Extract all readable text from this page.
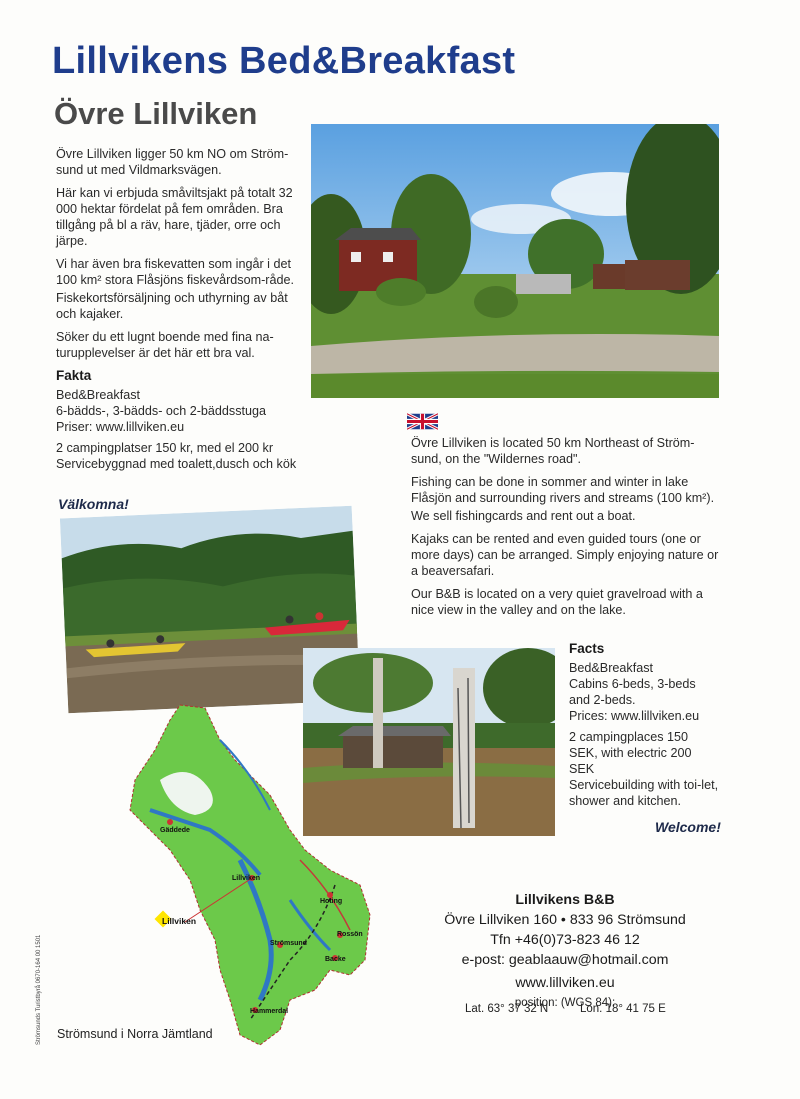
Lillvikens Bed&Breakfast
Övre Lillviken

Övre Lillviken ligger 50 km NO om Ström-sund ut med Vildmarksvägen.

Här kan vi erbjuda småviltsjakt på totalt 32 000 hektar fördelat på fem områden. Bra tillgång på bl a räv, hare, tjäder, orre och järpe.

Vi har även bra fiskevatten som ingår i det 100 km² stora Flåsjöns fiskevårdsom-råde.

Fiskekortsförsäljning och uthyrning av båt och kajaker.

Söker du ett lugnt boende med fina na-turupplevelser är det här ett bra val.

Fakta
Bed&Breakfast
6-bädds-, 3-bädds- och 2-bäddsstuga
Priser: www.lillviken.eu
2 campingplatser 150 kr, med el 200 kr
Servicebyggnad med toalett,dusch och kök
Välkomna!

Övre Lillviken is located 50 km Northeast of Ström-sund, on the "Wildernes road".

Fishing can be done in sommer and winter in lake Flåsjön and surrounding rivers and streams (100 km²).

We sell fishingcards and rent out a boat.

Kajaks can be rented and even guided tours (one or more days) can be arranged. Simply enjoying nature or a beaversafari.

Our B&B is located on a very quiet gravelroad with a nice view in the valley and on the lake.

Facts
Bed&Breakfast
Cabins 6-beds, 3-beds and 2-beds.
Prices: www.lillviken.eu
2 campingplaces 150 SEK, with electric 200 SEK
Servicebuilding with toi-let, shower and kitchen.
Welcome!
Gäddede
Lillviken
Strömsund
Hoting
Rossön
Backe
Hammerdal
Lillviken
Strömsund i Norra Jämtland
Lillvikens B&B
Övre Lillviken 160 • 833 96 Strömsund
Tfn +46(0)73-823 46 12
e-post: geablaauw@hotmail.com
www.lillviken.eu
position: (WGS 84):
Lat. 63° 37 32 N	Lon. 18° 41 75 E
Strömsunds Turistbyrå 0670-164 00 1501
